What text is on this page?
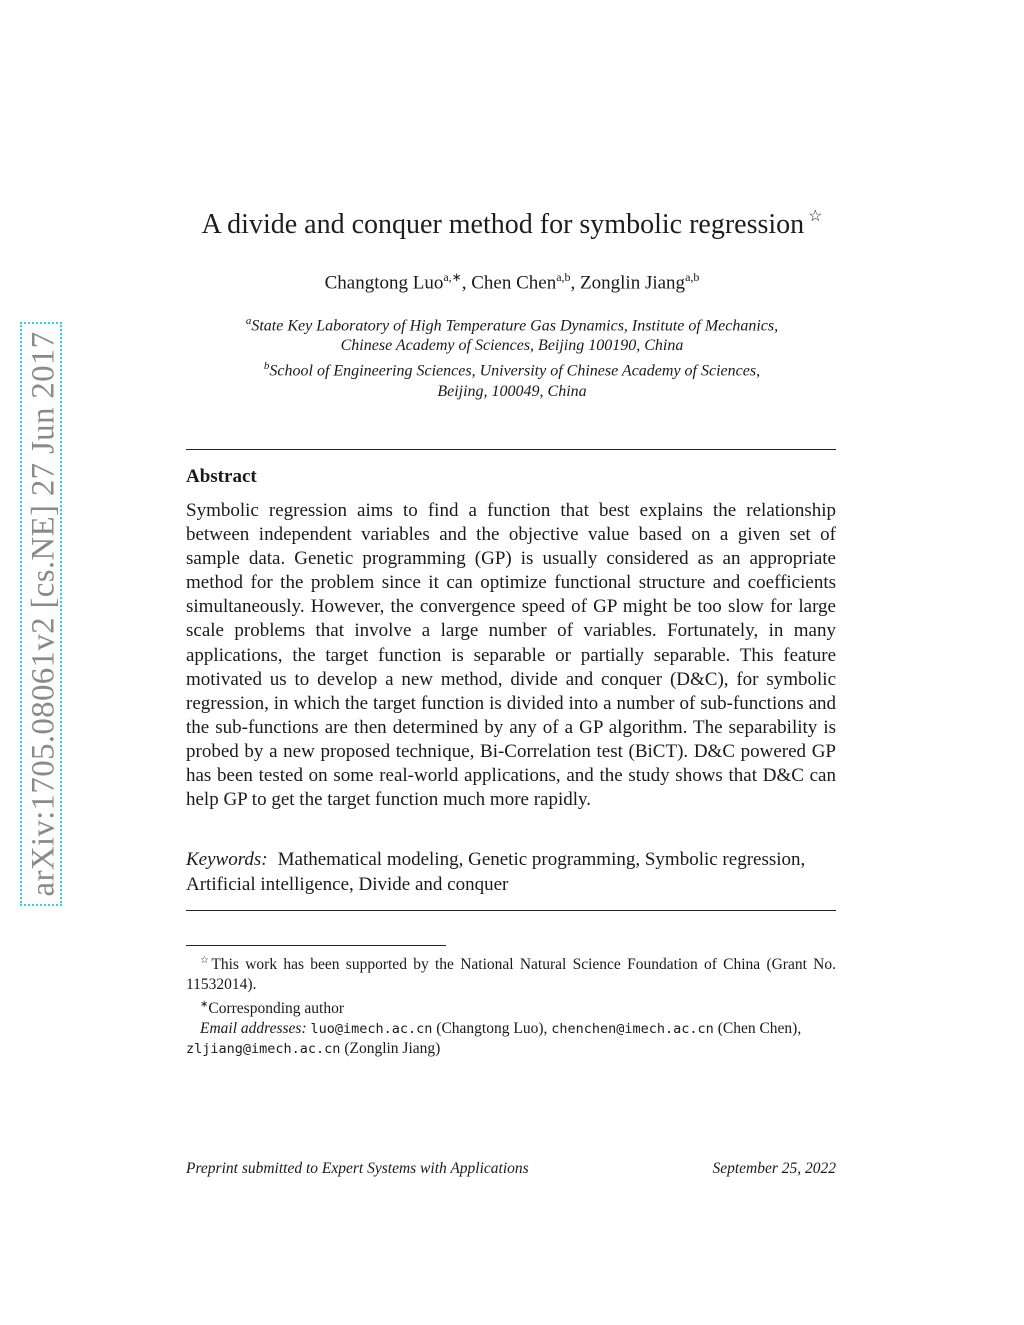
arXiv:1705.08061v2 [cs.NE] 27 Jun 2017
A divide and conquer method for symbolic regression ☆
Changtong Luo$^{a,∗}$, Chen Chen$^{a,b}$, Zonglin Jiang$^{a,b}$
$^a$State Key Laboratory of High Temperature Gas Dynamics, Institute of Mechanics,
Chinese Academy of Sciences, Beijing 100190, China
$^b$School of Engineering Sciences, University of Chinese Academy of Sciences,
Beijing, 100049, China
Abstract
Symbolic regression aims to find a function that best explains the relationship between independent variables and the objective value based on a given set of sample data. Genetic programming (GP) is usually considered as an appropriate method for the problem since it can optimize functional structure and coefficients simultaneously. However, the convergence speed of GP might be too slow for large scale problems that involve a large number of variables. Fortunately, in many applications, the target function is separable or partially separable. This feature motivated us to develop a new method, divide and conquer (D&C), for symbolic regression, in which the target function is divided into a number of sub-functions and the sub-functions are then determined by any of a GP algorithm. The separability is probed by a new proposed technique, Bi-Correlation test (BiCT). D&C powered GP has been tested on some real-world applications, and the study shows that D&C can help GP to get the target function much more rapidly.
Keywords: Mathematical modeling, Genetic programming, Symbolic regression, Artificial intelligence, Divide and conquer
☆This work has been supported by the National Natural Science Foundation of China (Grant No. 11532014).
∗Corresponding author
Email addresses: luo@imech.ac.cn (Changtong Luo), chenchen@imech.ac.cn (Chen Chen), zljiang@imech.ac.cn (Zonglin Jiang)
Preprint submitted to Expert Systems with Applications	September 25, 2022
